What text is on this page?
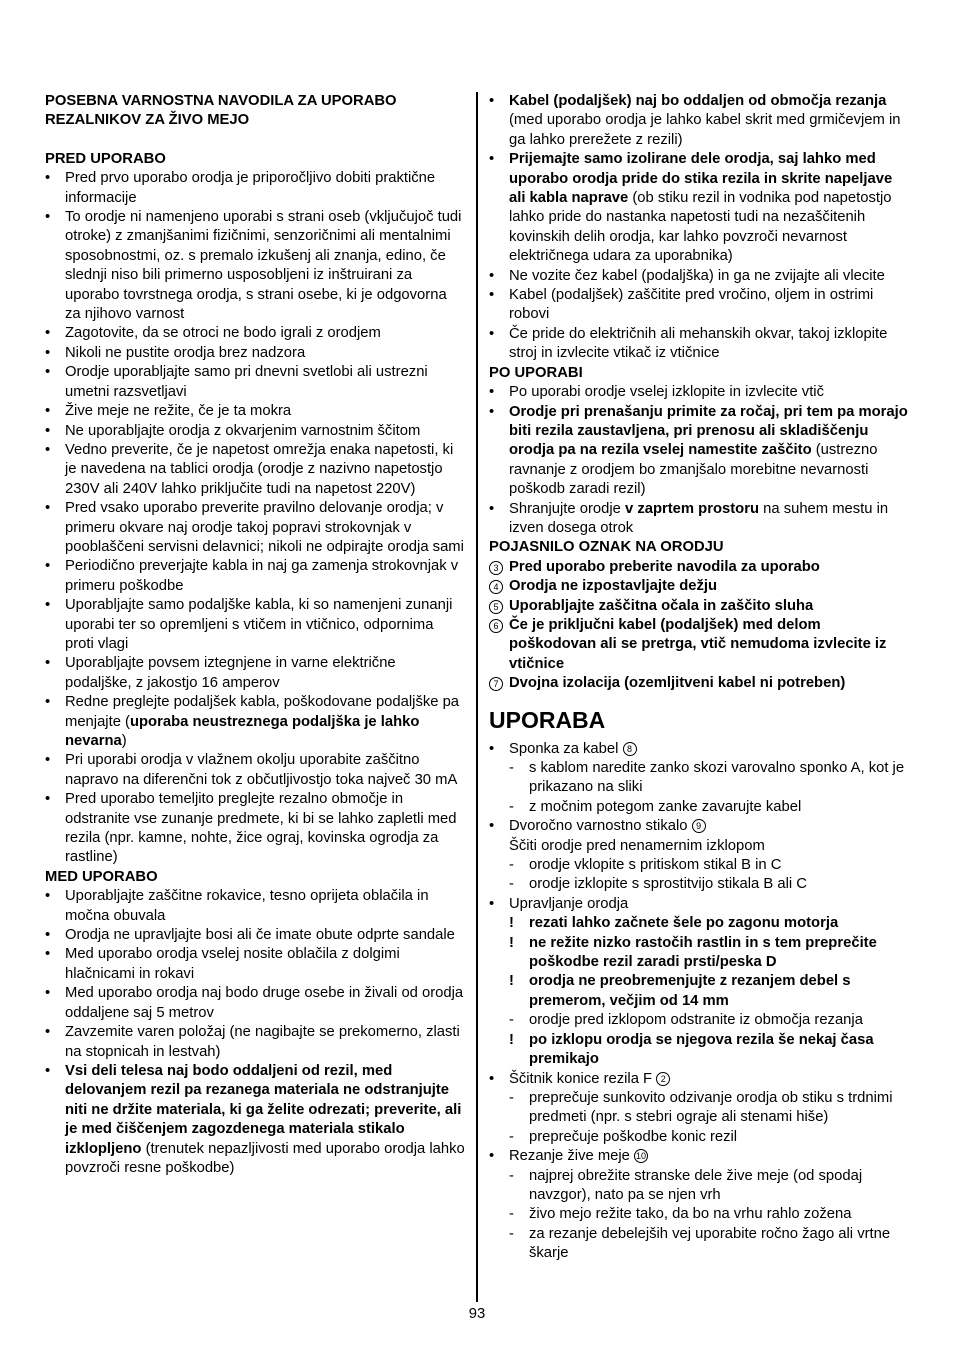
POSEBNA VARNOSTNA NAVODILA ZA UPORABO REZALNIKOV ZA ŽIVO MEJO
PRED UPORABO
• Pred prvo uporabo orodja je priporočljivo dobiti praktične informacije
• To orodje ni namenjeno uporabi s strani oseb (vključujoč tudi otroke) z zmanjšanimi fizičnimi, senzoričnimi ali mentalnimi sposobnostmi, oz. s premalo izkušenj ali znanja, edino, če slednji niso bili primerno usposobljeni iz inštruirani za uporabo tovrstnega orodja, s strani osebe, ki je odgovorna za njihovo varnost
• Zagotovite, da se otroci ne bodo igrali z orodjem
• Nikoli ne pustite orodja brez nadzora
• Orodje uporabljajte samo pri dnevni svetlobi ali ustrezni umetni razsvetljavi
• Žive meje ne režite, če je ta mokra
• Ne uporabljajte orodja z okvarjenim varnostnim ščitom
• Vedno preverite, če je napetost omrežja enaka napetosti, ki je navedena na tablici orodja (orodje z nazivno napetostjo 230V ali 240V lahko priključite tudi na napetost 220V)
• Pred vsako uporabo preverite pravilno delovanje orodja; v primeru okvare naj orodje takoj popravi strokovnjak v pooblaščeni servisni delavnici; nikoli ne odpirajte orodja sami
• Periodično preverjajte kabla in naj ga zamenja strokovnjak v primeru poškodbe
• Uporabljajte samo podaljške kabla, ki so namenjeni zunanji uporabi ter so opremljeni s vtičem in vtičnico, odpornima proti vlagi
• Uporabljajte povsem iztegnjene in varne električne podaljške, z jakostjo 16 amperov
• Redne preglejte podaljšek kabla, poškodovane podaljške pa menjajte (uporaba neustreznega podaljška je lahko nevarna)
• Pri uporabi orodja v vlažnem okolju uporabite zaščitno napravo na diferenčni tok z občutljivostjo toka največ 30 mA
• Pred uporabo temeljito preglejte rezalno območje in odstranite vse zunanje predmete, ki bi se lahko zapletli med rezila (npr. kamne, nohte, žice ograj, kovinska ogrodja za rastline)
MED UPORABO
• Uporabljajte zaščitne rokavice, tesno oprijeta oblačila in močna obuvala
• Orodja ne upravljajte bosi ali če imate obute odprte sandale
• Med uporabo orodja vselej nosite oblačila z dolgimi hlačnicami in rokavi
• Med uporabo orodja naj bodo druge osebe in živali od orodja oddaljene saj 5 metrov
• Zavzemite varen položaj (ne nagibajte se prekomerno, zlasti na stopnicah in lestvah)
• Vsi deli telesa naj bodo oddaljeni od rezil, med delovanjem rezil pa rezanega materiala ne odstranjujte niti ne držite materiala, ki ga želite odrezati; preverite, ali je med čiščenjem zagozdenega materiala stikalo izklopljeno (trenutek nepazljivosti med uporabo orodja lahko povzroči resne poškodbe)
• Kabel (podaljšek) naj bo oddaljen od območja rezanja (med uporabo orodja je lahko kabel skrit med grmičevjem in ga lahko prerežete z rezili)
• Prijemajte samo izolirane dele orodja, saj lahko med uporabo orodja pride do stika rezila in skrite napeljave ali kabla naprave (ob stiku rezil in vodnika pod napetostjo lahko pride do nastanka napetosti tudi na nezaščitenih kovinskih delih orodja, kar lahko povzroči nevarnost električnega udara za uporabnika)
• Ne vozite čez kabel (podaljška) in ga ne zvijajte ali vlecite
• Kabel (podaljšek) zaščitite pred vročino, oljem in ostrimi robovi
• Če pride do električnih ali mehanskih okvar, takoj izklopite stroj in izvlecite vtikač iz vtičnice
PO UPORABI
• Po uporabi orodje vselej izklopite in izvlecite vtič
• Orodje pri prenašanju primite za ročaj, pri tem pa morajo biti rezila zaustavljena, pri prenosu ali skladiščenju orodja pa na rezila vselej namestite zaščito (ustrezno ravnanje z orodjem bo zmanjšalo morebitne nevarnosti poškodb zaradi rezil)
• Shranjujte orodje v zaprtem prostoru na suhem mestu in izven dosega otrok
POJASNILO OZNAK NA ORODJU
3 Pred uporabo preberite navodila za uporabo
4 Orodja ne izpostavljajte dežju
5 Uporabljajte zaščitna očala in zaščito sluha
6 Če je priključni kabel (podaljšek) med delom poškodovan ali se pretrga, vtič nemudoma izvlecite iz vtičnice
7 Dvojna izolacija (ozemljitveni kabel ni potreben)
UPORABA
• Sponka za kabel 8
- s kablom naredite zanko skozi varovalno sponko A, kot je prikazano na sliki
- z močnim potegom zanke zavarujte kabel
• Dvoročno varnostno stikalo 9
Ščiti orodje pred nenamernim izklopom
- orodje vklopite s pritiskom stikal B in C
- orodje izklopite s sprostitvijo stikala B ali C
• Upravljanje orodja
! rezati lahko začnete šele po zagonu motorja
! ne režite nizko rastočih rastlin in s tem preprečite poškodbe rezil zaradi prsti/peska D
! orodja ne preobremenjujte z rezanjem debel s premerom, večjim od 14 mm
- orodje pred izklopom odstranite iz območja rezanja
! po izklopu orodja se njegova rezila še nekaj časa premikajo
• Ščitnik konice rezila F 2
- preprečuje sunkovito odzivanje orodja ob stiku s trdnimi predmeti (npr. s stebri ograje ali stenami hiše)
- preprečuje poškodbe konic rezil
• Rezanje žive meje 10
- najprej obrežite stranske dele žive meje (od spodaj navzgor), nato pa se njen vrh
- živo mejo režite tako, da bo na vrhu rahlo zožena
- za rezanje debelejših vej uporabite ročno žago ali vrtne škarje
93
